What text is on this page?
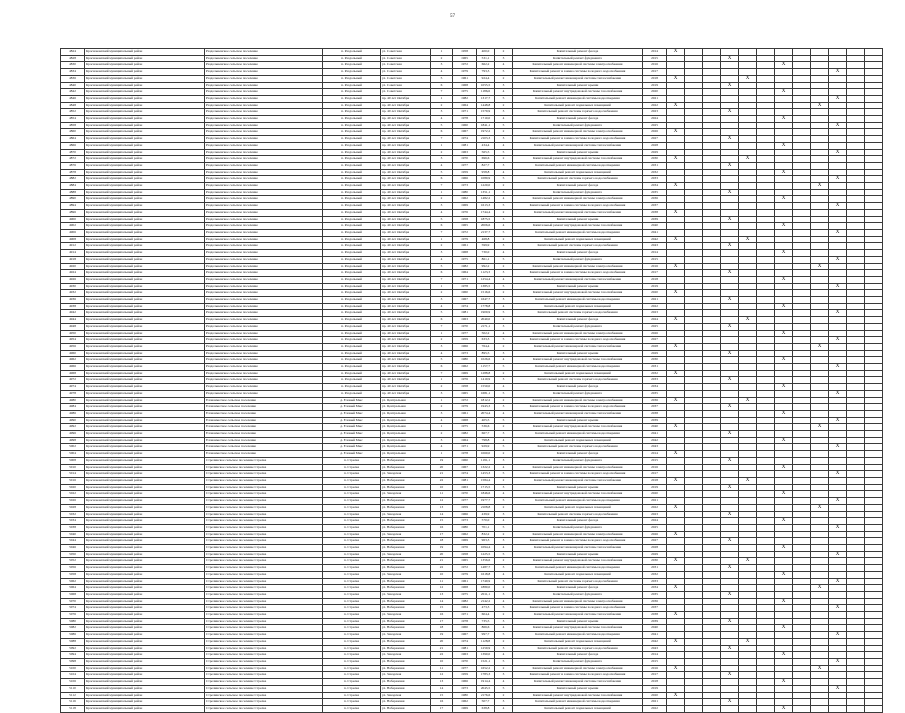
57
4824	Краснокамский муниципальный район	Раздольненское сельское поселение	п. Раздольный	ул. Советская	1	1958	400,0	2	Капитальный ремонт фасада	2014	Х											
4828	Краснокамский муниципальный район	Раздольненское сельское поселение	п. Раздольный	ул. Советская	2	1965	531,1	3	Капитальный ремонт фундамента	2015				Х								
4830	Краснокамский муниципальный район	Раздольненское сельское поселение	п. Раздольный	ул. Советская	3	1972	662,2	4	Капитальный ремонт инженерной системы электроснабжения	2016							Х					
4834	Краснокамский муниципальный район	Раздольненское сельское поселение	п. Раздольный	ул. Советская	4	1979	793,3	5	Капитальный ремонт и замена системы холодного водоснабжения	2017										Х		
4836	Краснокамский муниципальный район	Раздольненское сельское поселение	п. Раздольный	ул. Советская	5	1961	924,4	2	Капитальный ремонт инженерной системы теплоснабжения	2018	Х				Х							
4840	Краснокамский муниципальный район	Раздольненское сельское поселение	п. Раздольный	ул. Советская	6	1968	1055,5	3	Капитальный ремонт крыши	2019				Х								
4842	Краснокамский муниципальный район	Раздольненское сельское поселение	п. Раздольный	ул. Советская	7	1975	1186,6	4	Капитальный ремонт внутридомовой системы газоснабжения	2020							Х					
4846	Краснокамский муниципальный район	Раздольненское сельское поселение	п. Раздольный	пр. 40 лет Октября	1	1982	1317,7	5	Капитальный ремонт инженерной системы водоотведения	2021										Х		
4848	Краснокамский муниципальный район	Раздольненское сельское поселение	п. Раздольный	пр. 40 лет Октября	2	1964	1448,8	2	Капитальный ремонт подвальных помещений	2022	Х								Х			
4852	Краснокамский муниципальный район	Раздольненское сельское поселение	п. Раздольный	пр. 40 лет Октября	3	1971	1579,9	3	Капитальный ремонт системы горячего водоснабжения	2023				Х								
4854	Краснокамский муниципальный район	Раздольненское сельское поселение	п. Раздольный	пр. 40 лет Октября	4	1978	1710,0	4	Капитальный ремонт фасада	2024							Х					
4858	Краснокамский муниципальный район	Раздольненское сельское поселение	п. Раздольный	пр. 40 лет Октября	5	1960	1841,1	5	Капитальный ремонт фундамента	2025										Х		
4860	Краснокамский муниципальный район	Раздольненское сельское поселение	п. Раздольный	пр. 40 лет Октября	6	1967	1972,2	2	Капитальный ремонт инженерной системы электроснабжения	2026	Х											
4864	Краснокамский муниципальный район	Раздольненское сельское поселение	п. Раздольный	пр. 40 лет Октября	7	1974	2103,3	3	Капитальный ремонт и замена системы холодного водоснабжения	2027				Х								
4866	Краснокамский муниципальный район	Раздольненское сельское поселение	п. Раздольный	пр. 40 лет Октября	1	1981	434,4	4	Капитальный ремонт инженерной системы теплоснабжения	2028							Х					
4870	Краснокамский муниципальный район	Раздольненское сельское поселение	п. Раздольный	пр. 40 лет Октября	2	1963	565,5	5	Капитальный ремонт крыши	2029										Х		
4872	Краснокамский муниципальный район	Раздольненское сельское поселение	п. Раздольный	пр. 40 лет Октября	3	1970	696,6	2	Капитальный ремонт внутридомовой системы газоснабжения	2030	Х				Х							
4876	Краснокамский муниципальный район	Раздольненское сельское поселение	п. Раздольный	пр. 40 лет Октября	4	1977	827,7	3	Капитальный ремонт инженерной системы водоотведения	2031				Х								
4878	Краснокамский муниципальный район	Раздольненское сельское поселение	п. Раздольный	пр. 40 лет Октября	5	1959	958,8	4	Капитальный ремонт подвальных помещений	2032							Х					
4882	Краснокамский муниципальный район	Раздольненское сельское поселение	п. Раздольный	пр. 40 лет Октября	6	1966	1089,9	5	Капитальный ремонт системы горячего водоснабжения	2033										Х		
4884	Краснокамский муниципальный район	Раздольненское сельское поселение	п. Раздольный	пр. 40 лет Октября	7	1973	1220,0	2	Капитальный ремонт фасада	2034	Х								Х			
4888	Краснокамский муниципальный район	Раздольненское сельское поселение	п. Раздольный	пр. 40 лет Октября	1	1980	1351,1	3	Капитальный ремонт фундамента	2035				Х								
4890	Краснокамский муниципальный район	Раздольненское сельское поселение	п. Раздольный	пр. 40 лет Октября	2	1962	1482,2	4	Капитальный ремонт инженерной системы электроснабжения	2036							Х					
4894	Краснокамский муниципальный район	Раздольненское сельское поселение	п. Раздольный	пр. 40 лет Октября	3	1969	1613,3	5	Капитальный ремонт и замена системы холодного водоснабжения	2037										Х		
4896	Краснокамский муниципальный район	Раздольненское сельское поселение	п. Раздольный	пр. 40 лет Октября	4	1976	1744,4	2	Капитальный ремонт инженерной системы теплоснабжения	2038	Х											
4900	Краснокамский муниципальный район	Раздольненское сельское поселение	п. Раздольный	пр. 40 лет Октября	5	1958	1875,5	3	Капитальный ремонт крыши	2039				Х								
4902	Краснокамский муниципальный район	Раздольненское сельское поселение	п. Раздольный	пр. 40 лет Октября	6	1965	2006,6	4	Капитальный ремонт внутридомовой системы газоснабжения	2040							Х					
4906	Краснокамский муниципальный район	Раздольненское сельское поселение	п. Раздольный	пр. 40 лет Октября	7	1972	2137,7	5	Капитальный ремонт инженерной системы водоотведения	2041										Х		
4908	Краснокамский муниципальный район	Раздольненское сельское поселение	п. Раздольный	пр. 40 лет Октября	1	1979	468,8	2	Капитальный ремонт подвальных помещений	2042	Х				Х							
4912	Краснокамский муниципальный район	Раздольненское сельское поселение	п. Раздольный	пр. 40 лет Октября	2	1961	599,9	3	Капитальный ремонт системы горячего водоснабжения	2043				Х								
4914	Краснокамский муниципальный район	Раздольненское сельское поселение	п. Раздольный	пр. 40 лет Октября	3	1968	730,0	4	Капитальный ремонт фасада	2014							Х					
4918	Краснокамский муниципальный район	Раздольненское сельское поселение	п. Раздольный	пр. 40 лет Октября	4	1975	861,1	5	Капитальный ремонт фундамента	2015										Х		
4920	Краснокамский муниципальный район	Раздольненское сельское поселение	п. Раздольный	пр. 40 лет Октября	5	1982	992,2	2	Капитальный ремонт инженерной системы электроснабжения	2016	Х								Х			
4924	Краснокамский муниципальный район	Раздольненское сельское поселение	п. Раздольный	пр. 40 лет Октября	6	1964	1123,3	3	Капитальный ремонт и замена системы холодного водоснабжения	2017				Х								
4926	Краснокамский муниципальный район	Раздольненское сельское поселение	п. Раздольный	пр. 40 лет Октября	7	1971	1254,4	4	Капитальный ремонт инженерной системы теплоснабжения	2018							Х					
4930	Краснокамский муниципальный район	Раздольненское сельское поселение	п. Раздольный	пр. 40 лет Октября	1	1978	1385,5	5	Капитальный ремонт крыши	2019										Х		
4932	Краснокамский муниципальный район	Раздольненское сельское поселение	п. Раздольный	пр. 40 лет Октября	2	1960	1516,6	2	Капитальный ремонт внутридомовой системы газоснабжения	2020	Х											
4936	Краснокамский муниципальный район	Раздольненское сельское поселение	п. Раздольный	пр. 40 лет Октября	3	1967	1647,7	3	Капитальный ремонт инженерной системы водоотведения	2021				Х								
4938	Краснокамский муниципальный район	Раздольненское сельское поселение	п. Раздольный	пр. 40 лет Октября	4	1974	1778,8	4	Капитальный ремонт подвальных помещений	2022							Х					
4942	Краснокамский муниципальный район	Раздольненское сельское поселение	п. Раздольный	пр. 40 лет Октября	5	1981	1909,9	5	Капитальный ремонт системы горячего водоснабжения	2023										Х		
4944	Краснокамский муниципальный район	Раздольненское сельское поселение	п. Раздольный	пр. 40 лет Октября	6	1963	2040,0	2	Капитальный ремонт фасада	2024	Х				Х							
4948	Краснокамский муниципальный район	Раздольненское сельское поселение	п. Раздольный	пр. 40 лет Октября	7	1970	2171,1	3	Капитальный ремонт фундамента	2025				Х								
4950	Краснокамский муниципальный район	Раздольненское сельское поселение	п. Раздольный	пр. 40 лет Октября	1	1977	502,2	4	Капитальный ремонт инженерной системы электроснабжения	2026							Х					
4954	Краснокамский муниципальный район	Раздольненское сельское поселение	п. Раздольный	пр. 40 лет Октября	2	1959	633,3	5	Капитальный ремонт и замена системы холодного водоснабжения	2027										Х		
4956	Краснокамский муниципальный район	Раздольненское сельское поселение	п. Раздольный	пр. 40 лет Октября	3	1966	764,4	2	Капитальный ремонт инженерной системы теплоснабжения	2028	Х								Х			
4960	Краснокамский муниципальный район	Раздольненское сельское поселение	п. Раздольный	пр. 40 лет Октября	4	1973	895,5	3	Капитальный ремонт крыши	2029				Х								
4962	Краснокамский муниципальный район	Раздольненское сельское поселение	п. Раздольный	пр. 40 лет Октября	5	1980	1026,6	4	Капитальный ремонт внутридомовой системы газоснабжения	2030							Х					
4966	Краснокамский муниципальный район	Раздольненское сельское поселение	п. Раздольный	пр. 40 лет Октября	6	1962	1157,7	5	Капитальный ремонт инженерной системы водоотведения	2031										Х		
4968	Краснокамский муниципальный район	Раздольненское сельское поселение	п. Раздольный	пр. 40 лет Октября	7	1969	1288,8	2	Капитальный ремонт подвальных помещений	2032	Х											
4972	Краснокамский муниципальный район	Раздольненское сельское поселение	п. Раздольный	пр. 40 лет Октября	1	1976	1419,9	3	Капитальный ремонт системы горячего водоснабжения	2033				Х								
4974	Краснокамский муниципальный район	Раздольненское сельское поселение	п. Раздольный	пр. 40 лет Октября	2	1958	1550,0	4	Капитальный ремонт фасада	2034							Х					
4978	Краснокамский муниципальный район	Раздольненское сельское поселение	п. Раздольный	пр. 40 лет Октября	3	1965	1681,1	5	Капитальный ремонт фундамента	2035										Х		
4980	Краснокамский муниципальный район	Еловомысское сельское поселение	д. Еловый Мыс	ул. Центральная	1	1972	1812,2	2	Капитальный ремонт инженерной системы электроснабжения	2036	Х				Х							
4984	Краснокамский муниципальный район	Еловомысское сельское поселение	д. Еловый Мыс	ул. Центральная	2	1979	1943,3	3	Капитальный ремонт и замена системы холодного водоснабжения	2037				Х								
4986	Краснокамский муниципальный район	Еловомысское сельское поселение	д. Еловый Мыс	ул. Центральная	3	1961	2074,4	4	Капитальный ремонт инженерной системы теплоснабжения	2038							Х					
4990	Краснокамский муниципальный район	Еловомысское сельское поселение	д. Еловый Мыс	ул. Центральная	4	1968	405,5	5	Капитальный ремонт крыши	2039										Х		
4992	Краснокамский муниципальный район	Еловомысское сельское поселение	д. Еловый Мыс	ул. Центральная	1	1975	536,6	2	Капитальный ремонт внутридомовой системы газоснабжения	2040	Х								Х			
4996	Краснокамский муниципальный район	Еловомысское сельское поселение	д. Еловый Мыс	ул. Центральная	2	1982	667,7	3	Капитальный ремонт инженерной системы водоотведения	2041				Х								
4998	Краснокамский муниципальный район	Еловомысское сельское поселение	д. Еловый Мыс	ул. Центральная	3	1964	798,8	4	Капитальный ремонт подвальных помещений	2042							Х					
5002	Краснокамский муниципальный район	Еловомысское сельское поселение	д. Еловый Мыс	ул. Центральная	4	1971	929,9	5	Капитальный ремонт системы горячего водоснабжения	2043										Х		
5004	Краснокамский муниципальный район	Еловомысское сельское поселение	д. Еловый Мыс	ул. Центральная	1	1978	1060,0	2	Капитальный ремонт фасада	2014	Х											
5008	Краснокамский муниципальный район	Стрелинское сельское поселение Стрелка	п. Стрелка	ул. Набережная	19	1960	1191,1	3	Капитальный ремонт фундамента	2015				Х								
5010	Краснокамский муниципальный район	Стрелинское сельское поселение Стрелка	п. Стрелка	ул. Набережная	20	1967	1322,2	4	Капитальный ремонт инженерной системы электроснабжения	2016							Х					
5014	Краснокамский муниципальный район	Стрелинское сельское поселение Стрелка	п. Стрелка	ул. Заводская	21	1974	1453,3	5	Капитальный ремонт и замена системы холодного водоснабжения	2017										Х		
5016	Краснокамский муниципальный район	Стрелинское сельское поселение Стрелка	п. Стрелка	ул. Набережная	22	1981	1584,4	2	Капитальный ремонт инженерной системы теплоснабжения	2018	Х				Х							
5020	Краснокамский муниципальный район	Стрелинское сельское поселение Стрелка	п. Стрелка	ул. Набережная	10	1963	1715,5	3	Капитальный ремонт крыши	2019				Х								
5022	Краснокамский муниципальный район	Стрелинское сельское поселение Стрелка	п. Стрелка	ул. Заводская	11	1970	1846,6	4	Капитальный ремонт внутридомовой системы газоснабжения	2020							Х					
5026	Краснокамский муниципальный район	Стрелинское сельское поселение Стрелка	п. Стрелка	ул. Набережная	12	1977	1977,7	5	Капитальный ремонт инженерной системы водоотведения	2021										Х		
5028	Краснокамский муниципальный район	Стрелинское сельское поселение Стрелка	п. Стрелка	ул. Набережная	13	1959	2108,8	2	Капитальный ремонт подвальных помещений	2022	Х								Х			
5032	Краснокамский муниципальный район	Стрелинское сельское поселение Стрелка	п. Стрелка	ул. Заводская	14	1966	439,9	3	Капитальный ремонт системы горячего водоснабжения	2023				Х								
5034	Краснокамский муниципальный район	Стрелинское сельское поселение Стрелка	п. Стрелка	ул. Набережная	15	1973	570,0	4	Капитальный ремонт фасада	2024							Х					
5038	Краснокамский муниципальный район	Стрелинское сельское поселение Стрелка	п. Стрелка	ул. Набережная	16	1980	701,1	5	Капитальный ремонт фундамента	2025										Х		
5040	Краснокамский муниципальный район	Стрелинское сельское поселение Стрелка	п. Стрелка	ул. Заводская	17	1962	832,2	2	Капитальный ремонт инженерной системы электроснабжения	2026	Х											
5044	Краснокамский муниципальный район	Стрелинское сельское поселение Стрелка	п. Стрелка	ул. Набережная	18	1969	963,3	3	Капитальный ремонт и замена системы холодного водоснабжения	2027				Х								
5046	Краснокамский муниципальный район	Стрелинское сельское поселение Стрелка	п. Стрелка	ул. Набережная	19	1976	1094,4	4	Капитальный ремонт инженерной системы теплоснабжения	2028							Х					
5050	Краснокамский муниципальный район	Стрелинское сельское поселение Стрелка	п. Стрелка	ул. Заводская	20	1958	1225,5	5	Капитальный ремонт крыши	2029										Х		
5052	Краснокамский муниципальный район	Стрелинское сельское поселение Стрелка	п. Стрелка	ул. Набережная	21	1965	1356,6	2	Капитальный ремонт внутридомовой системы газоснабжения	2030	Х				Х							
5056	Краснокамский муниципальный район	Стрелинское сельское поселение Стрелка	п. Стрелка	ул. Набережная	22	1972	1487,7	3	Капитальный ремонт инженерной системы водоотведения	2031				Х								
5058	Краснокамский муниципальный район	Стрелинское сельское поселение Стрелка	п. Стрелка	ул. Заводская	10	1979	1618,8	4	Капитальный ремонт подвальных помещений	2032							Х					
5062	Краснокамский муниципальный район	Стрелинское сельское поселение Стрелка	п. Стрелка	ул. Набережная	11	1961	1749,9	5	Капитальный ремонт системы горячего водоснабжения	2033										Х		
5064	Краснокамский муниципальный район	Стрелинское сельское поселение Стрелка	п. Стрелка	ул. Набережная	12	1968	1880,0	2	Капитальный ремонт фасада	2034	Х								Х			
5068	Краснокамский муниципальный район	Стрелинское сельское поселение Стрелка	п. Стрелка	ул. Заводская	13	1975	2011,1	3	Капитальный ремонт фундамента	2035				Х								
5070	Краснокамский муниципальный район	Стрелинское сельское поселение Стрелка	п. Стрелка	ул. Набережная	14	1982	2142,2	4	Капитальный ремонт инженерной системы электроснабжения	2036							Х					
5074	Краснокамский муниципальный район	Стрелинское сельское поселение Стрелка	п. Стрелка	ул. Набережная	15	1964	473,3	5	Капитальный ремонт и замена системы холодного водоснабжения	2037										Х		
5076	Краснокамский муниципальный район	Стрелинское сельское поселение Стрелка	п. Стрелка	ул. Заводская	16	1971	604,4	2	Капитальный ремонт инженерной системы теплоснабжения	2038	Х											
5080	Краснокамский муниципальный район	Стрелинское сельское поселение Стрелка	п. Стрелка	ул. Набережная	17	1978	735,5	3	Капитальный ремонт крыши	2039				Х								
5082	Краснокамский муниципальный район	Стрелинское сельское поселение Стрелка	п. Стрелка	ул. Набережная	18	1960	866,6	4	Капитальный ремонт внутридомовой системы газоснабжения	2040							Х					
5086	Краснокамский муниципальный район	Стрелинское сельское поселение Стрелка	п. Стрелка	ул. Заводская	19	1967	997,7	5	Капитальный ремонт инженерной системы водоотведения	2041										Х		
5088	Краснокамский муниципальный район	Стрелинское сельское поселение Стрелка	п. Стрелка	ул. Набережная	20	1974	1128,8	2	Капитальный ремонт подвальных помещений	2042	Х				Х							
5092	Краснокамский муниципальный район	Стрелинское сельское поселение Стрелка	п. Стрелка	ул. Набережная	21	1981	1259,9	3	Капитальный ремонт системы горячего водоснабжения	2043				Х								
5094	Краснокамский муниципальный район	Стрелинское сельское поселение Стрелка	п. Стрелка	ул. Заводская	22	1963	1390,0	4	Капитальный ремонт фасада	2014							Х					
5098	Краснокамский муниципальный район	Стрелинское сельское поселение Стрелка	п. Стрелка	ул. Набережная	10	1970	1521,1	5	Капитальный ремонт фундамента	2015										Х		
5100	Краснокамский муниципальный район	Стрелинское сельское поселение Стрелка	п. Стрелка	ул. Набережная	11	1977	1652,2	2	Капитальный ремонт инженерной системы электроснабжения	2016	Х								Х			
5104	Краснокамский муниципальный район	Стрелинское сельское поселение Стрелка	п. Стрелка	ул. Заводская	12	1959	1783,3	3	Капитальный ремонт и замена системы холодного водоснабжения	2017				Х								
5106	Краснокамский муниципальный район	Стрелинское сельское поселение Стрелка	п. Стрелка	ул. Набережная	13	1966	1914,4	4	Капитальный ремонт инженерной системы теплоснабжения	2018							Х					
5110	Краснокамский муниципальный район	Стрелинское сельское поселение Стрелка	п. Стрелка	ул. Набережная	14	1973	2045,5	5	Капитальный ремонт крыши	2019										Х		
5112	Краснокамский муниципальный район	Стрелинское сельское поселение Стрелка	п. Стрелка	ул. Заводская	15	1980	2176,6	2	Капитальный ремонт внутридомовой системы газоснабжения	2020	Х											
5116	Краснокамский муниципальный район	Стрелинское сельское поселение Стрелка	п. Стрелка	ул. Набережная	16	1962	507,7	3	Капитальный ремонт инженерной системы водоотведения	2021				Х								
5118	Краснокамский муниципальный район	Стрелинское сельское поселение Стрелка	п. Стрелка	ул. Набережная	17	1969	638,8	4	Капитальный ремонт подвальных помещений	2022							Х					
